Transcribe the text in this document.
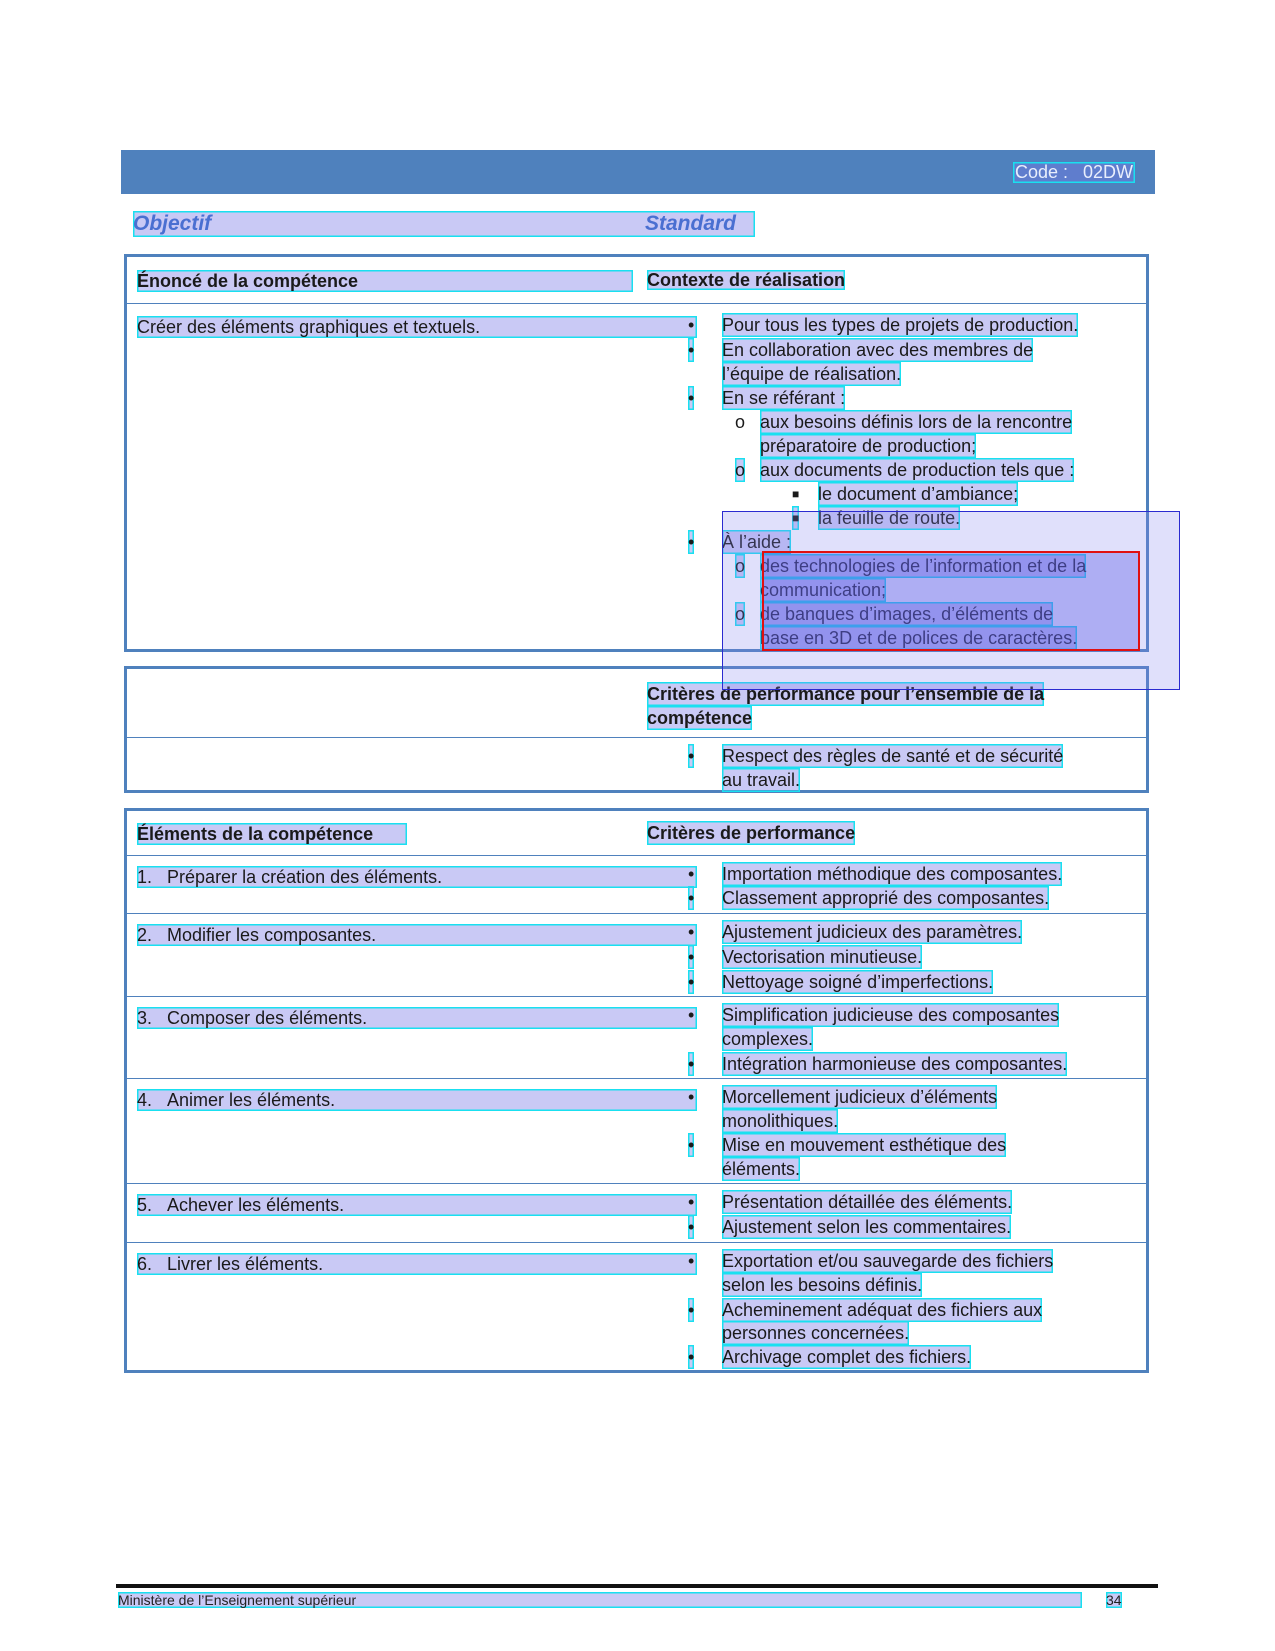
Code :   02DW
Objectif	Standard
Énoncé de la compétence	Contexte de réalisation
Créer des éléments graphiques et textuels.	• Pour tous les types de projets de production.
• En collaboration avec des membres de
l’équipe de réalisation.
• En se référant :
o aux besoins définis lors de la rencontre
préparatoire de production;
o aux documents de production tels que :
■ le document d’ambiance;
■ la feuille de route.
• À l’aide :
o des technologies de l’information et de la
communication;
o de banques d’images, d’éléments de
base en 3D et de polices de caractères.
Critères de performance pour l’ensemble de la
compétence
• Respect des règles de santé et de sécurité
au travail.
Éléments de la compétence	Critères de performance
1. Préparer la création des éléments.	• Importation méthodique des composantes.
• Classement approprié des composantes.
2. Modifier les composantes.	• Ajustement judicieux des paramètres.
• Vectorisation minutieuse.
• Nettoyage soigné d’imperfections.
3. Composer des éléments.	• Simplification judicieuse des composantes
complexes.
• Intégration harmonieuse des composantes.
4. Animer les éléments.	• Morcellement judicieux d’éléments
monolithiques.
• Mise en mouvement esthétique des
éléments.
5. Achever les éléments.	• Présentation détaillée des éléments.
• Ajustement selon les commentaires.
6. Livrer les éléments.	• Exportation et/ou sauvegarde des fichiers
selon les besoins définis.
• Acheminement adéquat des fichiers aux
personnes concernées.
• Archivage complet des fichiers.
Ministère de l’Enseignement supérieur	34
